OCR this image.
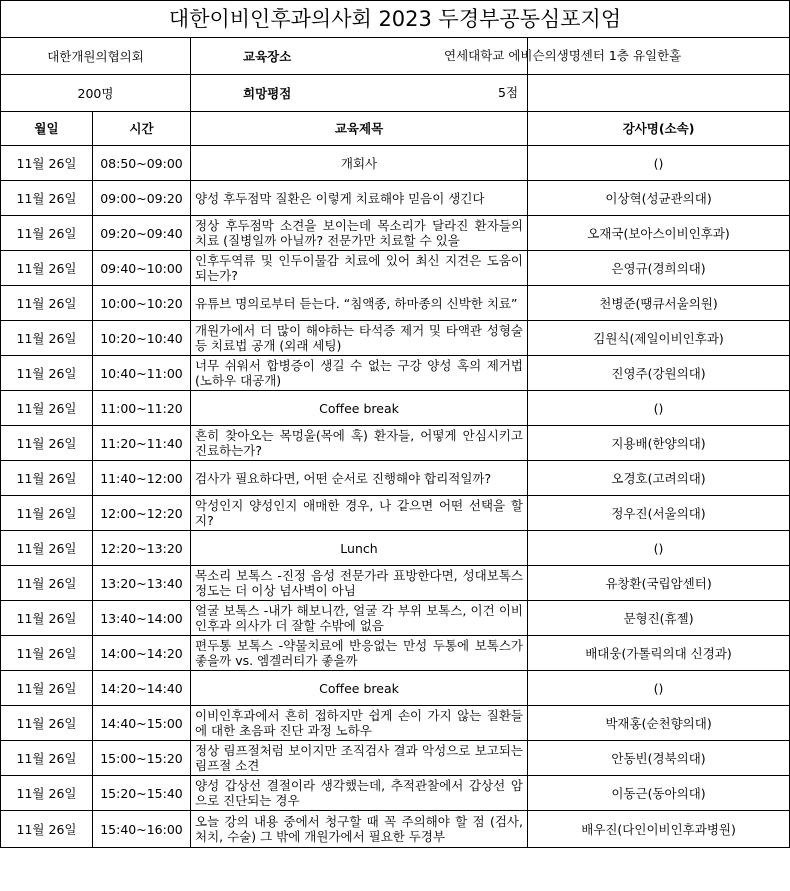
대한이비인후과의사회 2023 두경부공동심포지엄			
대한개원의협의회		교육장소	연세대학교 에비슨의생명센터 1층 유일한홀

200명		희망평점	5점

월일	시간	교육제목	강사명(소속)
11월 26일	08:50~09:00	개회사	()
11월 26일	09:00~09:20	양성 후두점막 질환은 이렇게 치료해야 믿음이 생긴다	이상혁(성균관의대)
11월 26일	09:20~09:40	정상 후두점막 소견을 보이는데 목소리가 달라진 환자들의 치료 (질병일까 아닐까? 전문가만 치료할 수 있을	오재국(보아스이비인후과)
11월 26일	09:40~10:00	인후두역류 및 인두이물감 치료에 있어 최신 지견은 도움이 되는가?	은영규(경희의대)
11월 26일	10:00~10:20	유튜브 명의로부터 듣는다. “침액종, 하마종의 신박한 치료”	천병준(땡큐서울의원)
11월 26일	10:20~10:40	개원가에서 더 많이 해야하는 타석증 제거 및 타액관 성형술 등 치료법 공개 (외래 세팅)	김원식(제일이비인후과)
11월 26일	10:40~11:00	너무 쉬워서 합병증이 생길 수 없는 구강 양성 혹의 제거법 (노하우 대공개)	진영주(강원의대)
11월 26일	11:00~11:20	Coffee break	()
11월 26일	11:20~11:40	흔히 찾아오는 목멍울(목에 혹) 환자들, 어떻게 안심시키고 진료하는가?	지용배(한양의대)
11월 26일	11:40~12:00	검사가 필요하다면, 어떤 순서로 진행해야 합리적일까?	오경호(고려의대)
11월 26일	12:00~12:20	악성인지 양성인지 애매한 경우, 나 같으면 어떤 선택을 할지?	정우진(서울의대)
11월 26일	12:20~13:20	Lunch	()
11월 26일	13:20~13:40	목소리 보톡스 -진정 음성 전문가라 표방한다면, 성대보톡스 정도는 더 이상 넘사벽이 아님	유창환(국립암센터)
11월 26일	13:40~14:00	얼굴 보톡스 -내가 해보니깐, 얼굴 각 부위 보톡스, 이건 이비인후과 의사가 더 잘할 수밖에 없음	문형진(휴젤)
11월 26일	14:00~14:20	편두통 보톡스 -약물치료에 반응없는 만성 두통에 보톡스가 좋을까 vs. 엠겔러티가 좋을까	배대웅(가톨릭의대 신경과)
11월 26일	14:20~14:40	Coffee break	()
11월 26일	14:40~15:00	이비인후과에서 흔히 접하지만 쉽게 손이 가지 않는 질환들에 대한 초음파 진단 과정 노하우	박재홍(순천향의대)
11월 26일	15:00~15:20	정상 림프절처럼 보이지만 조직검사 결과 악성으로 보고되는 림프절 소견	안동빈(경북의대)
11월 26일	15:20~15:40	양성 갑상선 결절이라 생각했는데, 추적관찰에서 갑상선 암으로 진단되는 경우	이동근(동아의대)
11월 26일	15:40~16:00	오늘 강의 내용 중에서 청구할 때 꼭 주의해야 할 점 (검사, 처치, 수술) 그 밖에 개원가에서 필요한 두경부	배우진(다인이비인후과병원)
